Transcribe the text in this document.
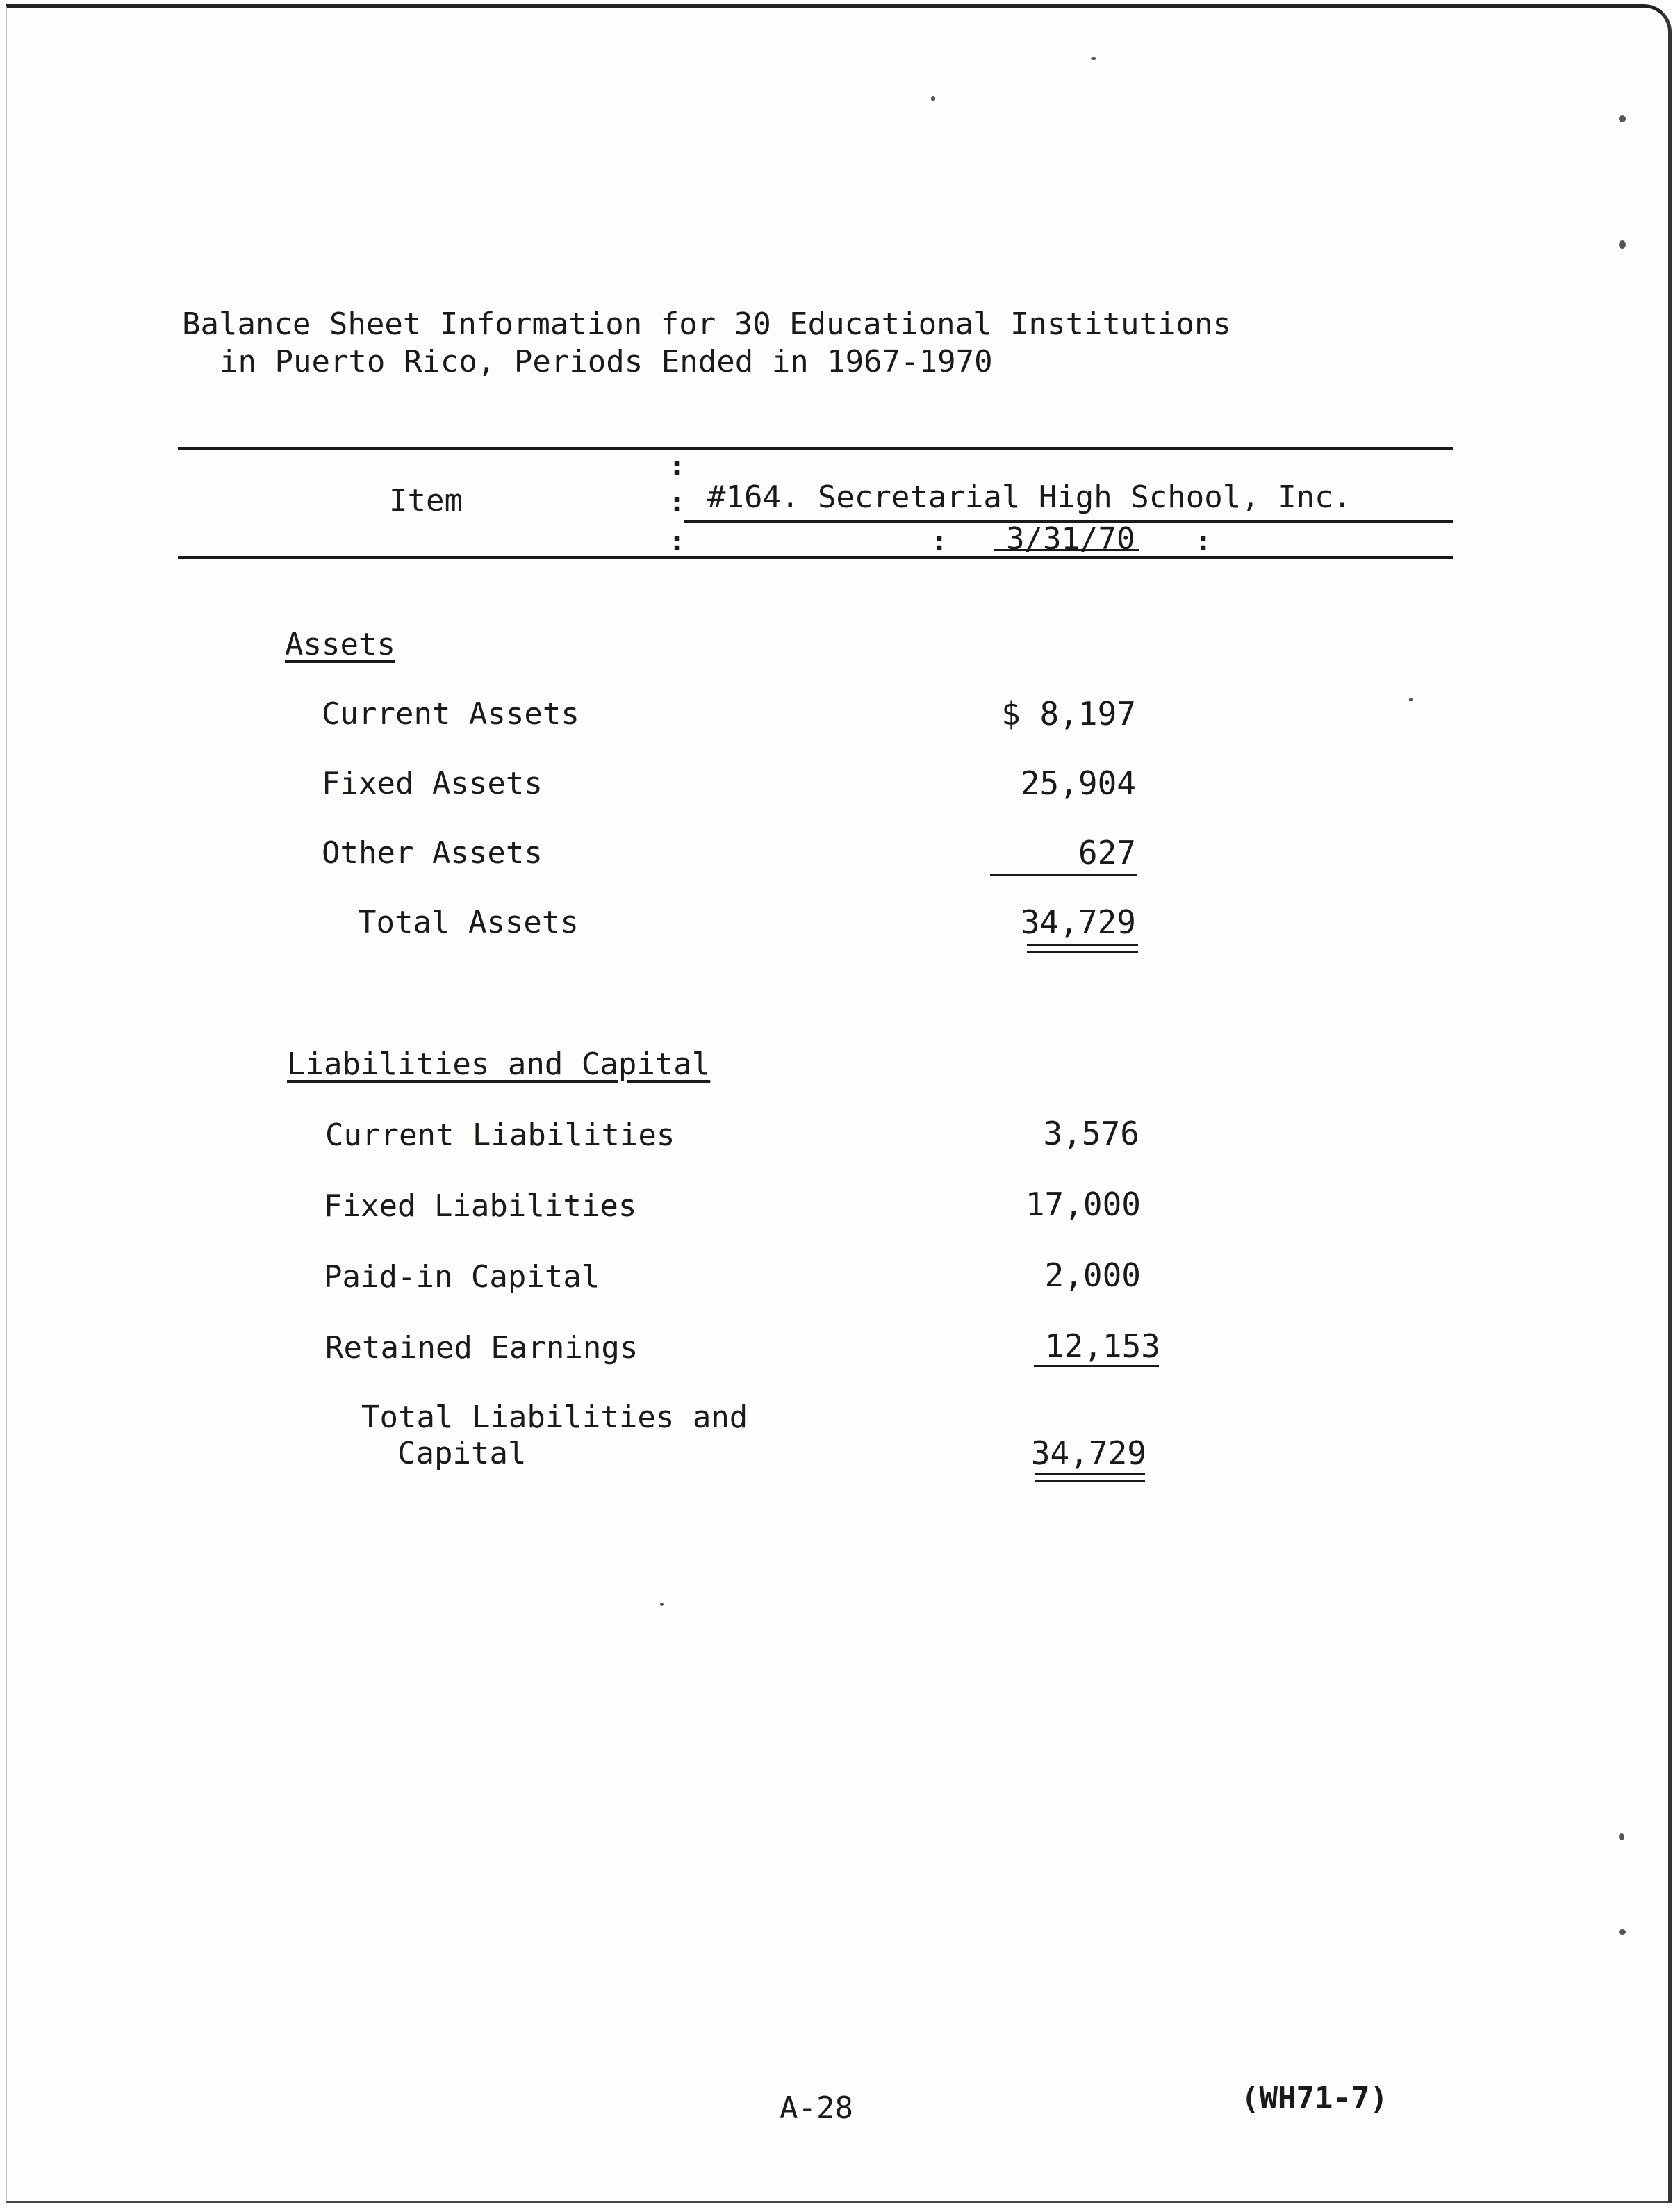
Balance Sheet Information for 30 Educational Institutions
in Puerto Rico, Periods Ended in 1967-1970
Item
:
:
:
#164. Secretarial High School, Inc.
: 3/31/70 :
Assets
Current Assets	$ 8,197
Fixed Assets	25,904
Other Assets	627
Total Assets	34,729
Liabilities and Capital
Current Liabilities	3,576
Fixed Liabilities	17,000
Paid-in Capital	2,000
Retained Earnings	12,153
Total Liabilities and
Capital	34,729
A-28	(WH71-7)
